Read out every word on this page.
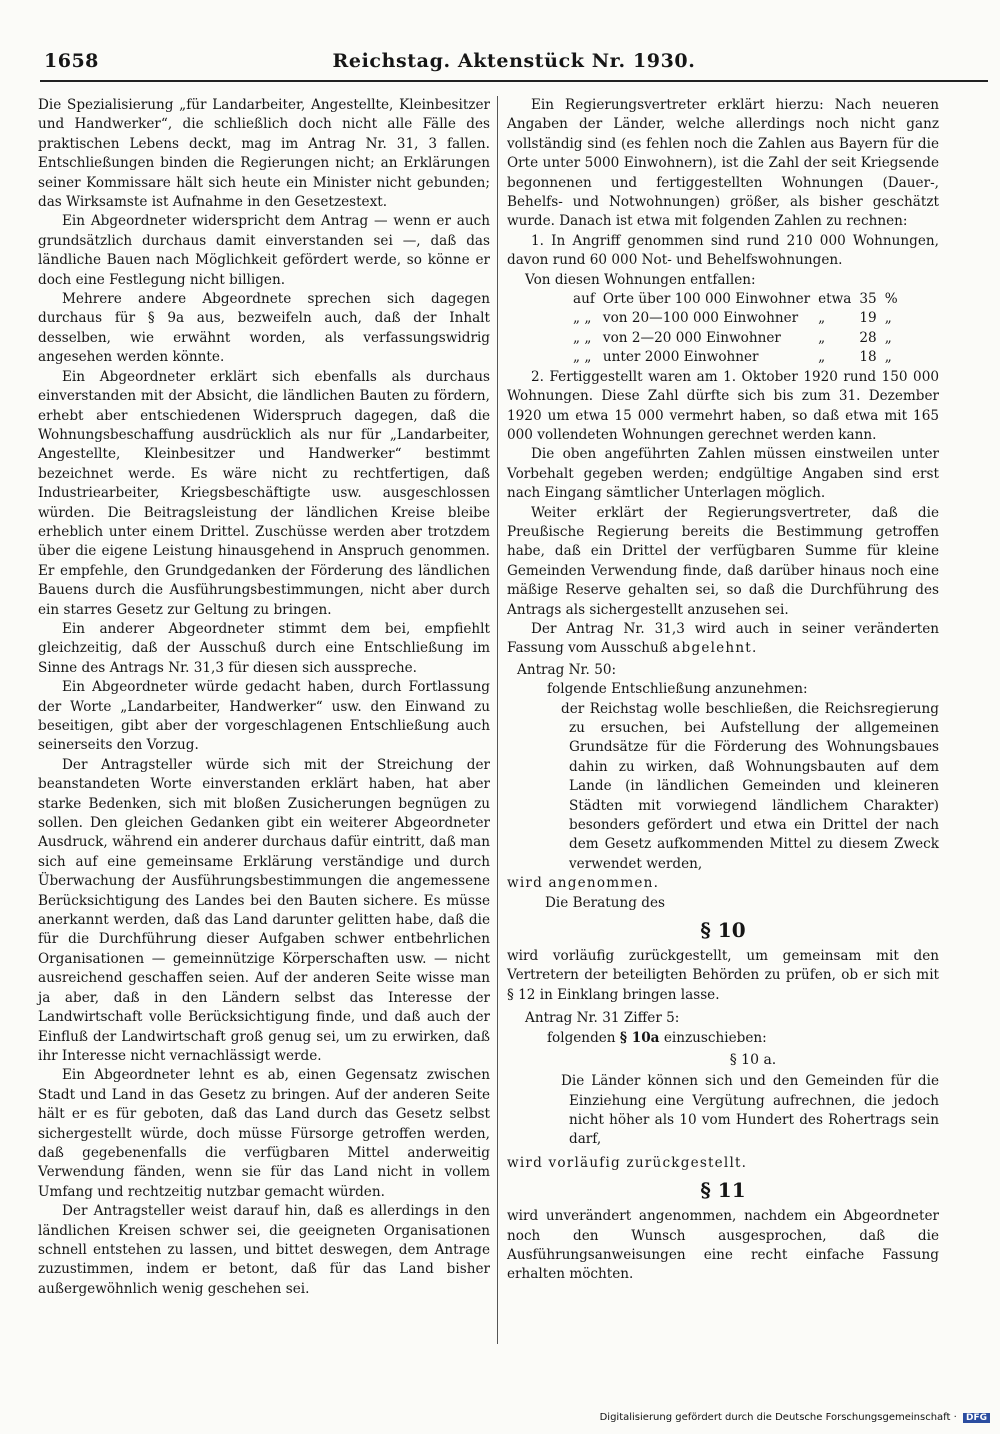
Reichstag. Aktenstück Nr. 1930.
1658

Die Spezialisierung „für Landarbeiter, Angestellte, Kleinbesitzer und Handwerker“, die schließlich doch nicht alle Fälle des praktischen Lebens deckt, mag im Antrag Nr. 31, 3 fallen. Entschließungen binden die Regierungen nicht; an Erklärungen seiner Kommissare hält sich heute ein Minister nicht gebunden; das Wirksamste ist Aufnahme in den Gesetzestext.

Ein Abgeordneter widerspricht dem Antrag — wenn er auch grundsätzlich durchaus damit einverstanden sei —, daß das ländliche Bauen nach Möglichkeit gefördert werde, so könne er doch eine Festlegung nicht billigen.

Mehrere andere Abgeordnete sprechen sich dagegen durchaus für § 9a aus, bezweifeln auch, daß der Inhalt desselben, wie erwähnt worden, als verfassungswidrig angesehen werden könnte.

Ein Abgeordneter erklärt sich ebenfalls als durchaus einverstanden mit der Absicht, die ländlichen Bauten zu fördern, erhebt aber entschiedenen Widerspruch dagegen, daß die Wohnungsbeschaffung ausdrücklich als nur für „Landarbeiter, Angestellte, Kleinbesitzer und Handwerker“ bestimmt bezeichnet werde. Es wäre nicht zu rechtfertigen, daß Industriearbeiter, Kriegsbeschäftigte usw. ausgeschlossen würden. Die Beitragsleistung der ländlichen Kreise bleibe erheblich unter einem Drittel. Zuschüsse werden aber trotzdem über die eigene Leistung hinausgehend in Anspruch genommen. Er empfehle, den Grundgedanken der Förderung des ländlichen Bauens durch die Ausführungsbestimmungen, nicht aber durch ein starres Gesetz zur Geltung zu bringen.

Ein anderer Abgeordneter stimmt dem bei, empfiehlt gleichzeitig, daß der Ausschuß durch eine Entschließung im Sinne des Antrags Nr. 31,3 für diesen sich ausspreche.

Ein Abgeordneter würde gedacht haben, durch Fortlassung der Worte „Landarbeiter, Handwerker“ usw. den Einwand zu beseitigen, gibt aber der vorgeschlagenen Entschließung auch seinerseits den Vorzug.

Der Antragsteller würde sich mit der Streichung der beanstandeten Worte einverstanden erklärt haben, hat aber starke Bedenken, sich mit bloßen Zusicherungen begnügen zu sollen. Den gleichen Gedanken gibt ein weiterer Abgeordneter Ausdruck, während ein anderer durchaus dafür eintritt, daß man sich auf eine gemeinsame Erklärung verständige und durch Überwachung der Ausführungsbestimmungen die angemessene Berücksichtigung des Landes bei den Bauten sichere. Es müsse anerkannt werden, daß das Land darunter gelitten habe, daß die für die Durchführung dieser Aufgaben schwer entbehrlichen Organisationen — gemeinnützige Körperschaften usw. — nicht ausreichend geschaffen seien. Auf der anderen Seite wisse man ja aber, daß in den Ländern selbst das Interesse der Landwirtschaft volle Berücksichtigung finde, und daß auch der Einfluß der Landwirtschaft groß genug sei, um zu erwirken, daß ihr Interesse nicht vernachlässigt werde.

Ein Abgeordneter lehnt es ab, einen Gegensatz zwischen Stadt und Land in das Gesetz zu bringen. Auf der anderen Seite hält er es für geboten, daß das Land durch das Gesetz selbst sichergestellt würde, doch müsse Fürsorge getroffen werden, daß gegebenenfalls die verfügbaren Mittel anderweitig Verwendung fänden, wenn sie für das Land nicht in vollem Umfang und rechtzeitig nutzbar gemacht würden.

Der Antragsteller weist darauf hin, daß es allerdings in den ländlichen Kreisen schwer sei, die geeigneten Organisationen schnell entstehen zu lassen, und bittet deswegen, dem Antrage zuzustimmen, indem er betont, daß für das Land bisher außergewöhnlich wenig geschehen sei.

Ein Regierungsvertreter erklärt hierzu: Nach neueren Angaben der Länder, welche allerdings noch nicht ganz vollständig sind (es fehlen noch die Zahlen aus Bayern für die Orte unter 5000 Einwohnern), ist die Zahl der seit Kriegsende begonnenen und fertiggestellten Wohnungen (Dauer-, Behelfs- und Notwohnungen) größer, als bisher geschätzt wurde. Danach ist etwa mit folgenden Zahlen zu rechnen:

1. In Angriff genommen sind rund 210 000 Wohnungen, davon rund 60 000 Not- und Behelfswohnungen.

Von diesen Wohnungen entfallen:

auf	Orte über 100 000 Einwohner	etwa	35	%
„ „	von 20—100 000 Einwohner	„	19	„
„ „	von 2—20 000 Einwohner	„	28	„
„ „	unter 2000 Einwohner	„	18	„

2. Fertiggestellt waren am 1. Oktober 1920 rund 150 000 Wohnungen. Diese Zahl dürfte sich bis zum 31. Dezember 1920 um etwa 15 000 vermehrt haben, so daß etwa mit 165 000 vollendeten Wohnungen gerechnet werden kann.

Die oben angeführten Zahlen müssen einstweilen unter Vorbehalt gegeben werden; endgültige Angaben sind erst nach Eingang sämtlicher Unterlagen möglich.

Weiter erklärt der Regierungsvertreter, daß die Preußische Regierung bereits die Bestimmung getroffen habe, daß ein Drittel der verfügbaren Summe für kleine Gemeinden Verwendung finde, daß darüber hinaus noch eine mäßige Reserve gehalten sei, so daß die Durchführung des Antrags als sichergestellt anzusehen sei.

Der Antrag Nr. 31,3 wird auch in seiner veränderten Fassung vom Ausschuß abgelehnt.

Antrag Nr. 50:

folgende Entschließung anzunehmen:

der Reichstag wolle beschließen, die Reichsregierung zu ersuchen, bei Aufstellung der allgemeinen Grundsätze für die Förderung des Wohnungsbaues dahin zu wirken, daß Wohnungsbauten auf dem Lande (in ländlichen Gemeinden und kleineren Städten mit vorwiegend ländlichem Charakter) besonders gefördert und etwa ein Drittel der nach dem Gesetz aufkommenden Mittel zu diesem Zweck verwendet werden,

wird angenommen.

Die Beratung des

§ 10

wird vorläufig zurückgestellt, um gemeinsam mit den Vertretern der beteiligten Behörden zu prüfen, ob er sich mit § 12 in Einklang bringen lasse.

Antrag Nr. 31 Ziffer 5:

folgenden § 10a einzuschieben:

§ 10 a.

Die Länder können sich und den Gemeinden für die Einziehung eine Vergütung aufrechnen, die jedoch nicht höher als 10 vom Hundert des Rohertrags sein darf,

wird vorläufig zurückgestellt.

§ 11

wird unverändert angenommen, nachdem ein Abgeordneter noch den Wunsch ausgesprochen, daß die Ausführungsanweisungen eine recht einfache Fassung erhalten möchten.

Digitalisierung gefördert durch die Deutsche Forschungsgemeinschaft · DFG
